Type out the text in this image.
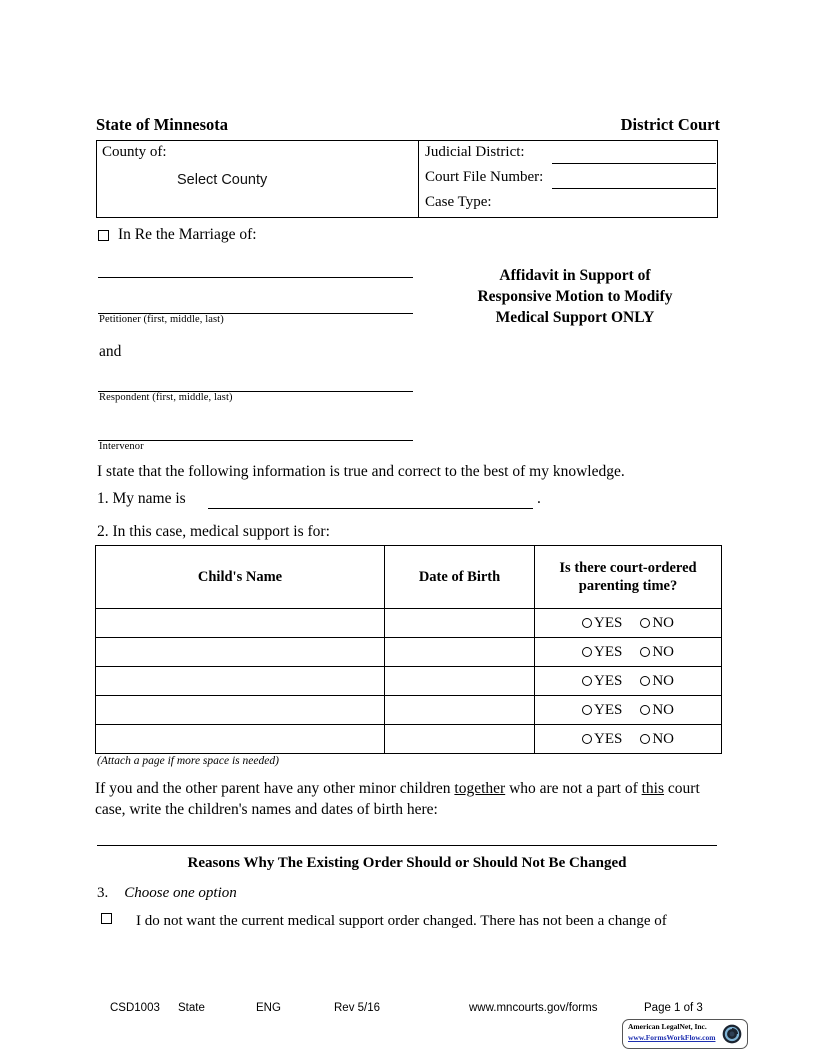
State of Minnesota	District Court
County of:
Select County
Judicial District:
Court File Number:
Case Type:
In Re the Marriage of:
Petitioner (first, middle, last)
and
Respondent (first, middle, last)
Intervenor
Affidavit in Support of
Responsive Motion to Modify
Medical Support ONLY
I state that the following information is true and correct to the best of my knowledge.
1. My name is	.
2. In this case, medical support is for:
Child's Name	Date of Birth	Is there court-ordered parenting time?

		YES NO

		YES NO

		YES NO

		YES NO

		YES NO
(Attach a page if more space is needed)
If you and the other parent have any other minor children together who are not a part of this court case, write the children's names and dates of birth here:
Reasons Why The Existing Order Should or Should Not Be Changed
3. Choose one option
I do not want the current medical support order changed. There has not been a change of
CSD1003	State	ENG	Rev 5/16	www.mncourts.gov/forms	Page 1 of 3
American LegalNet, Inc.
www.FormsWorkFlow.com
